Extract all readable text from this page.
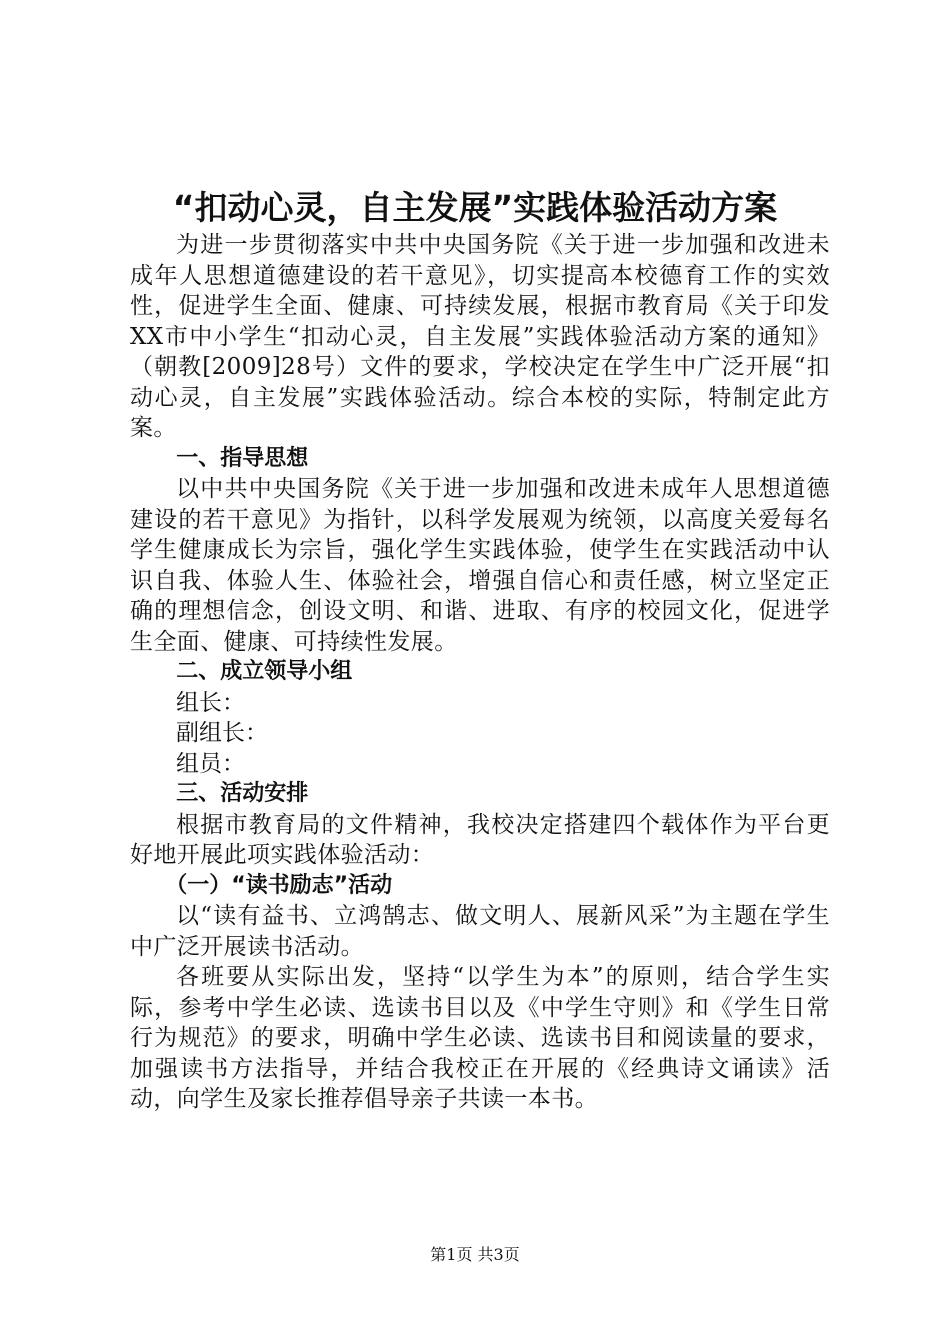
“扣动心灵，自主发展”实践体验活动方案

为进一步贯彻落实中共中央国务院《关于进一步加强和改进未成年人思想道德建设的若干意见》，切实提高本校德育工作的实效性，促进学生全面、健康、可持续发展，根据市教育局《关于印发XX市中小学生“扣动心灵，自主发展”实践体验活动方案的通知》（朝教[2009]28号）文件的要求，学校决定在学生中广泛开展“扣动心灵，自主发展”实践体验活动。综合本校的实际，特制定此方案。

一、指导思想

以中共中央国务院《关于进一步加强和改进未成年人思想道德建设的若干意见》为指针，以科学发展观为统领，以高度关爱每名学生健康成长为宗旨，强化学生实践体验，使学生在实践活动中认识自我、体验人生、体验社会，增强自信心和责任感，树立坚定正确的理想信念，创设文明、和谐、进取、有序的校园文化，促进学生全面、健康、可持续性发展。

二、成立领导小组

组长：

副组长：

组员：

三、活动安排

根据市教育局的文件精神，我校决定搭建四个载体作为平台更好地开展此项实践体验活动：

（一）“读书励志”活动

以“读有益书、立鸿鹄志、做文明人、展新风采”为主题在学生中广泛开展读书活动。

各班要从实际出发，坚持“以学生为本”的原则，结合学生实际，参考中学生必读、选读书目以及《中学生守则》和《学生日常行为规范》的要求，明确中学生必读、选读书目和阅读量的要求，加强读书方法指导，并结合我校正在开展的《经典诗文诵读》活动，向学生及家长推荐倡导亲子共读一本书。

第1页 共3页
